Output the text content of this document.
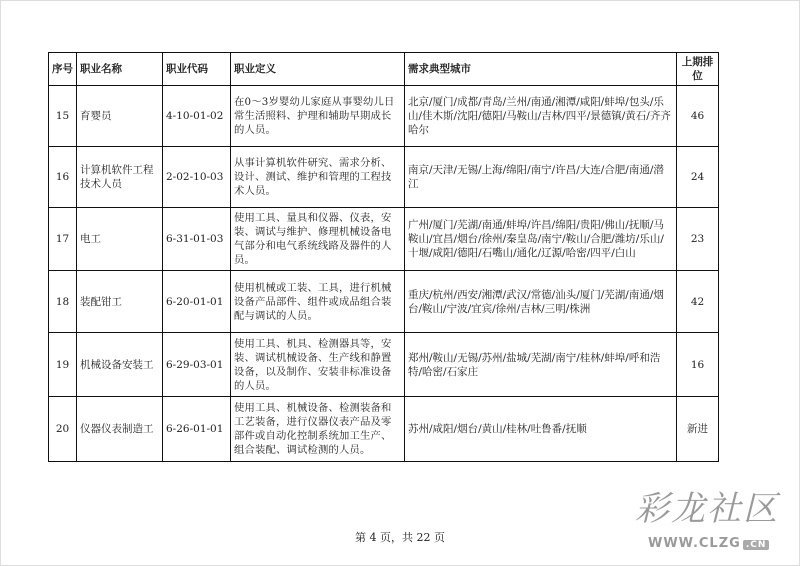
序号	职业名称	职业代码	职业定义	需求典型城市	上期排位
15	育婴员	4-10-01-02	在0～3岁婴幼儿家庭从事婴幼儿日常生活照料、护理和辅助早期成长的人员。	北京/厦门/成都/青岛/兰州/南通/湘潭/咸阳/蚌埠/包头/乐山/佳木斯/沈阳/德阳/马鞍山/吉林/四平/景德镇/黄石/齐齐哈尔	46
16	计算机软件工程技术人员	2-02-10-03	从事计算机软件研究、需求分析、设计、测试、维护和管理的工程技术人员。	南京/天津/无锡/上海/绵阳/南宁/许昌/大连/合肥/南通/潜江	24
17	电工	6-31-01-03	使用工具、量具和仪器、仪表，安装、调试与维护、修理机械设备电气部分和电气系统线路及器件的人员。	广州/厦门/芜湖/南通/蚌埠/许昌/绵阳/贵阳/佛山/抚顺/马鞍山/宜昌/烟台/徐州/秦皇岛/南宁/鞍山/合肥/潍坊/乐山/十堰/咸阳/德阳/石嘴山/通化/辽源/哈密/四平/白山	23
18	装配钳工	6-20-01-01	使用机械或工装、工具，进行机械设备产品部件、组件或成品组合装配与调试的人员。	重庆/杭州/西安/湘潭/武汉/常德/汕头/厦门/芜湖/南通/烟台/鞍山/宁波/宜宾/徐州/吉林/三明/株洲	42
19	机械设备安装工	6-29-03-01	使用工具、机具、检测器具等，安装、调试机械设备、生产线和静置设备，以及制作、安装非标准设备的人员。	郑州/鞍山/无锡/苏州/盐城/芜湖/南宁/桂林/蚌埠/呼和浩特/哈密/石家庄	16
20	仪器仪表制造工	6-26-01-01	使用工具、机械设备、检测装备和工艺装备，进行仪器仪表产品及零部件或自动化控制系统加工生产、组合装配、调试检测的人员。	苏州/咸阳/烟台/黄山/桂林/吐鲁番/抚顺	新进
第 4 页，共 22 页
彩龙社区
WWW.CLZG .CN
